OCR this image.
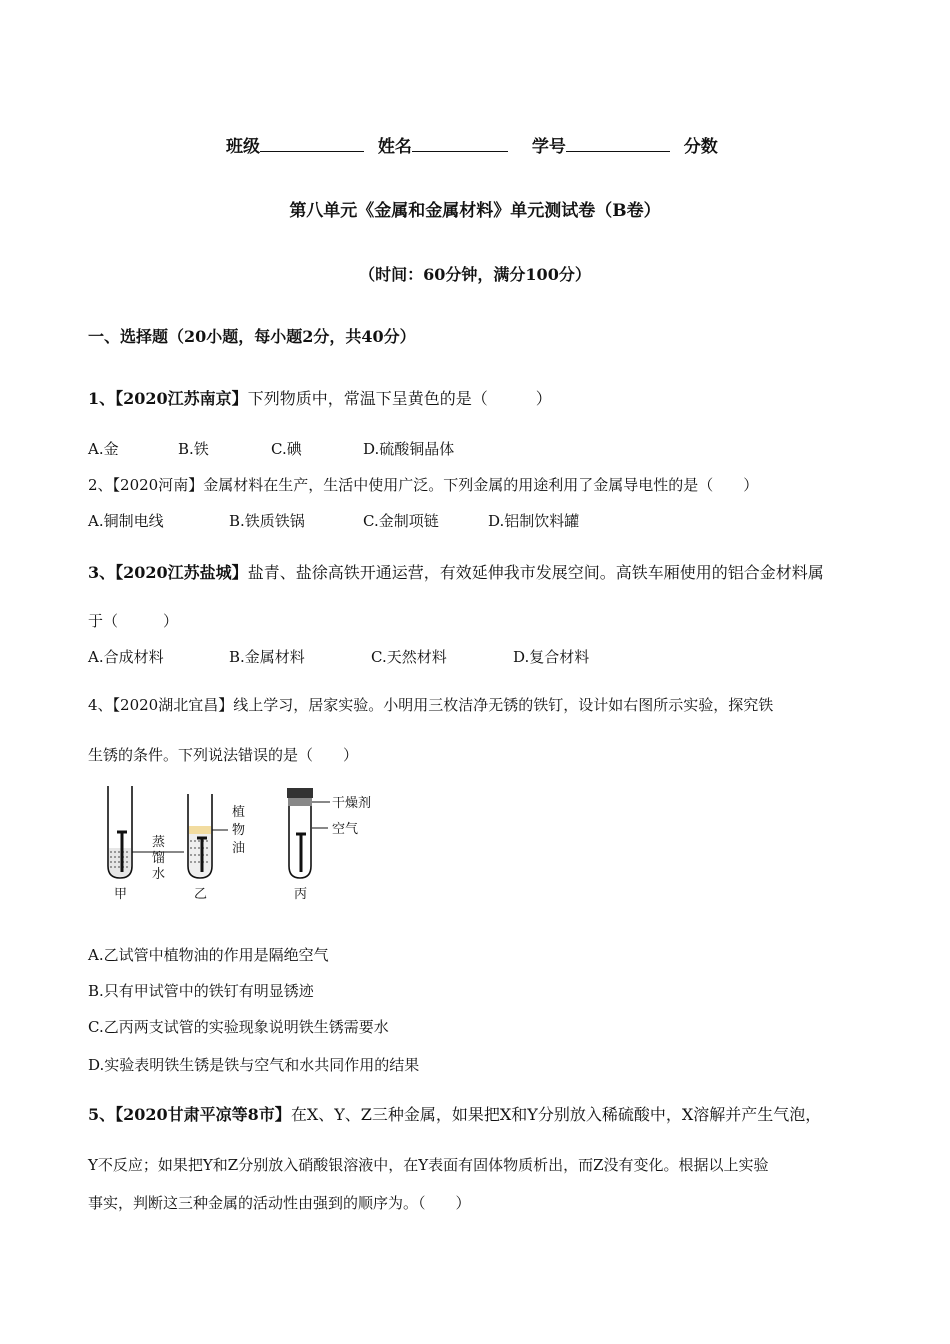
班级	姓名	学号	分数
第八单元《金属和金属材料》单元测试卷（B卷）
（时间：60分钟，满分100分）
一、选择题（20小题，每小题2分，共40分）
1、【2020江苏南京】下列物质中，常温下呈黄色的是（　　　）
A.金	B.铁	C.碘	D.硫酸铜晶体
2、【2020河南】金属材料在生产，生活中使用广泛。下列金属的用途利用了金属导电性的是（　　）
A.铜制电线	B.铁质铁锅	C.金制项链	D.铝制饮料罐
3、【2020江苏盐城】盐青、盐徐高铁开通运营，有效延伸我市发展空间。高铁车厢使用的铝合金材料属
于（　　　）
A.合成材料	B.金属材料	C.天然材料	D.复合材料
4、【2020湖北宜昌】线上学习，居家实验。小明用三枚洁净无锈的铁钉，设计如右图所示实验，探究铁
生锈的条件。下列说法错误的是（　　）
蒸
馏
水
植
物
油
干燥剂
空气
甲	乙	丙
A.乙试管中植物油的作用是隔绝空气
B.只有甲试管中的铁钉有明显锈迹
C.乙丙两支试管的实验现象说明铁生锈需要水
D.实验表明铁生锈是铁与空气和水共同作用的结果
5、【2020甘肃平凉等8市】在X、Y、Z三种金属，如果把X和Y分别放入稀硫酸中，X溶解并产生气泡，
Y不反应；如果把Y和Z分别放入硝酸银溶液中，在Y表面有固体物质析出，而Z没有变化。根据以上实验
事实，判断这三种金属的活动性由强到的顺序为。（　　）
